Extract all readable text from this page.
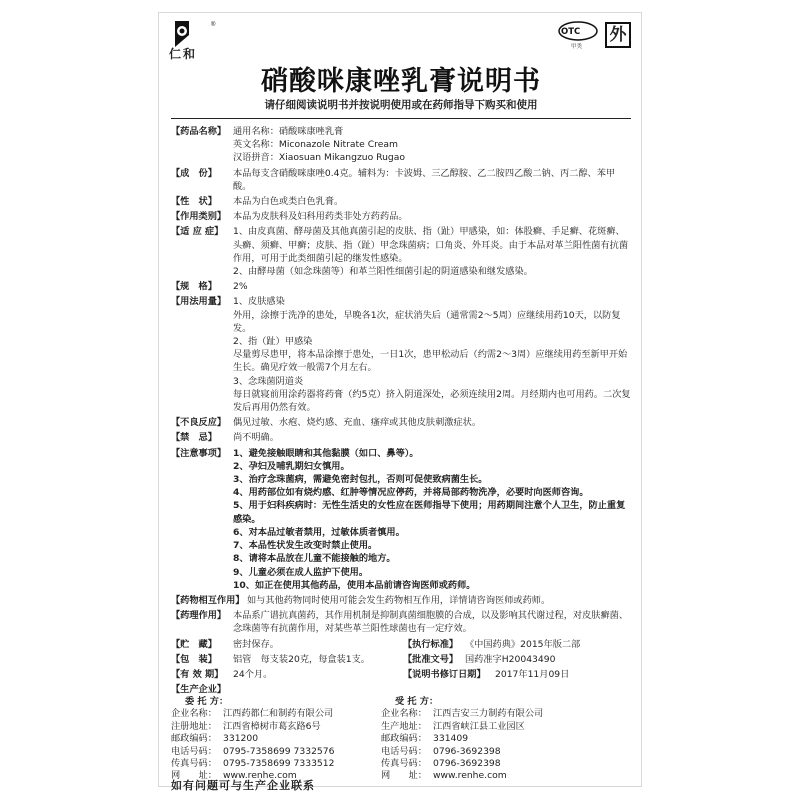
®
仁和
OTC
甲类
外
硝酸咪康唑乳膏说明书
请仔细阅读说明书并按说明使用或在药师指导下购买和使用
【药品名称】 通用名称：硝酸咪康唑乳膏
英文名称：Miconazole Nitrate Cream
汉语拼音：Xiaosuan Mikangzuo Rugao
【成　份】	本品每支含硝酸咪康唑0.4克。辅料为：卡波姆、三乙醇胺、乙二胺四乙酸二钠、丙二醇、苯甲酸。
【性　状】	本品为白色或类白色乳膏。
【作用类别】 本品为皮肤科及妇科用药类非处方药药品。
【适 应 症】	1、由皮真菌、酵母菌及其他真菌引起的皮肤、指（趾）甲感染，如：体股癣、手足癣、花斑癣、头癣、须癣、甲癣；皮肤、指（趾）甲念珠菌病；口角炎、外耳炎。由于本品对革兰阳性菌有抗菌作用，可用于此类细菌引起的继发性感染。
2、由酵母菌（如念珠菌等）和革兰阳性细菌引起的阴道感染和继发感染。
【规　格】	2%
【用法用量】 1、皮肤感染
外用，涂擦于洗净的患处，早晚各1次，症状消失后（通常需2～5周）应继续用药10天，以防复发。
2、指（趾）甲感染
尽量剪尽患甲，将本品涂擦于患处，一日1次，患甲松动后（约需2～3周）应继续用药至新甲开始生长。确见疗效一般需7个月左右。
3、念珠菌阴道炎
每日就寝前用涂药器将药膏（约5克）挤入阴道深处，必须连续用2周。月经期内也可用药。二次复发后再用仍然有效。
【不良反应】 偶见过敏、水疱、烧灼感、充血、瘙痒或其他皮肤刺激症状。
【禁　忌】	尚不明确。
【注意事项】 1、避免接触眼睛和其他黏膜（如口、鼻等）。
2、孕妇及哺乳期妇女慎用。
3、治疗念珠菌病，需避免密封包扎，否则可促使致病菌生长。
4、用药部位如有烧灼感、红肿等情况应停药，并将局部药物洗净，必要时向医师咨询。
5、用于妇科疾病时：无性生活史的女性应在医师指导下使用；用药期间注意个人卫生，防止重复感染。
6、对本品过敏者禁用，过敏体质者慎用。
7、本品性状发生改变时禁止使用。
8、请将本品放在儿童不能接触的地方。
9、儿童必须在成人监护下使用。
10、如正在使用其他药品，使用本品前请咨询医师或药师。
【药物相互作用】 如与其他药物同时使用可能会发生药物相互作用，详情请咨询医师或药师。
【药理作用】 本品系广谱抗真菌药，其作用机制是抑制真菌细胞膜的合成，以及影响其代谢过程，对皮肤癣菌、念珠菌等有抗菌作用，对某些革兰阳性球菌也有一定疗效。
【贮　藏】	密封保存。	【执行标准】 《中国药典》2015年版二部
【包　装】	铝管　每支装20克，每盒装1支。	【批准文号】 国药准字H20043490
【有 效 期】	24个月。	【说明书修订日期】	2017年11月09日
【生产企业】
委 托 方：
企业名称： 江西药都仁和制药有限公司
注册地址： 江西省樟树市葛玄路6号
邮政编码： 331200
电话号码： 0795-7358699 7332576
传真号码： 0795-7358699 7333512
网　　址： www.renhe.com
受 托 方：
企业名称： 江西吉安三力制药有限公司
生产地址： 江西省峡江县工业园区
邮政编码： 331409
电话号码： 0796-3692398
传真号码： 0796-3692398
网　　址： www.renhe.com
如有问题可与生产企业联系
